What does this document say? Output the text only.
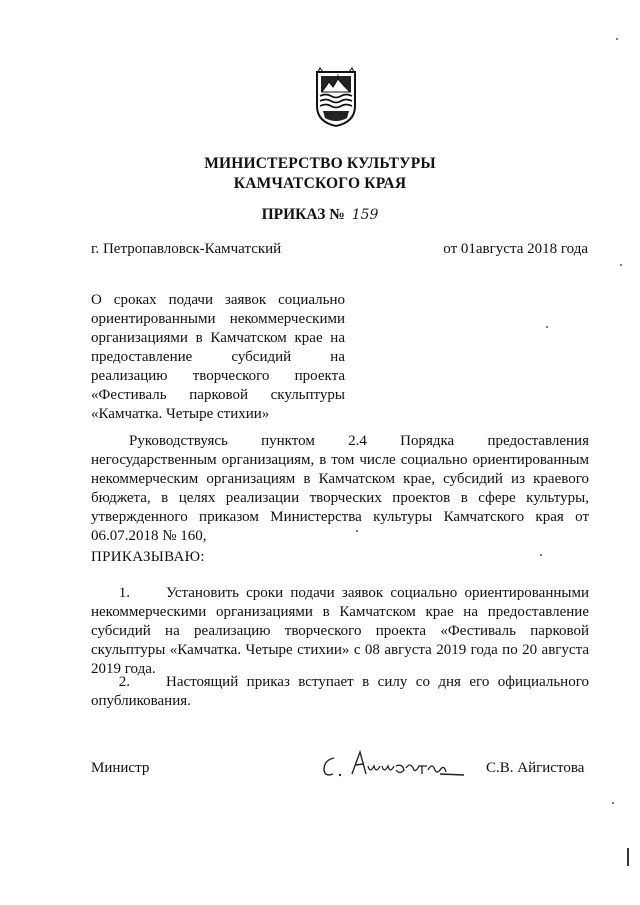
МИНИСТЕРСТВО КУЛЬТУРЫ
КАМЧАТСКОГО КРАЯ
ПРИКАЗ № 159
г. Петропавловск-Камчатский	от 01августа 2018 года
О сроках подачи заявок социально ориентированными некоммерческими организациями в Камчатском крае на предоставление субсидий на реализацию творческого проекта «Фестиваль парковой скульптуры «Камчатка. Четыре стихии»
Руководствуясь пунктом 2.4 Порядка предоставления негосударственным организациям, в том числе социально ориентированным некоммерческим организациям в Камчатском крае, субсидий из краевого бюджета, в целях реализации творческих проектов в сфере культуры, утвержденного приказом Министерства культуры Камчатского края от 06.07.2018 № 160,
ПРИКАЗЫВАЮ:
1. Установить сроки подачи заявок социально ориентированными некоммерческими организациями в Камчатском крае на предоставление субсидий на реализацию творческого проекта «Фестиваль парковой скульптуры «Камчатка. Четыре стихии» с 08 августа 2019 года по 20 августа 2019 года.
2. Настоящий приказ вступает в силу со дня его официального опубликования.
Министр	С.В. Айгистова
